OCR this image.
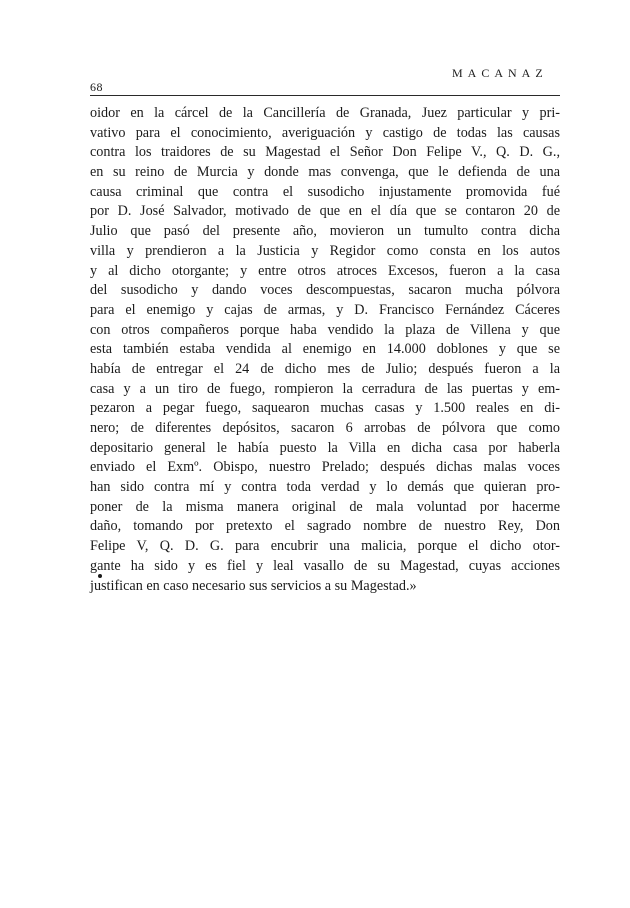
68
MACANAZ
oidor en la cárcel de la Cancillería de Granada, Juez particular y pri-
vativo para el conocimiento, averiguación y castigo de todas las causas
contra los traidores de su Magestad el Señor Don Felipe V., Q. D. G.,
en su reino de Murcia y donde mas convenga, que le defienda de una
causa criminal que contra el susodicho injustamente promovida fué
por D. José Salvador, motivado de que en el día que se contaron 20 de
Julio que pasó del presente año, movieron un tumulto contra dicha
villa y prendieron a la Justicia y Regidor como consta en los autos
y al dicho otorgante; y entre otros atroces Excesos, fueron a la casa
del susodicho y dando voces descompuestas, sacaron mucha pólvora
para el enemigo y cajas de armas, y D. Francisco Fernández Cáceres
con otros compañeros porque haba vendido la plaza de Villena y que
esta también estaba vendida al enemigo en 14.000 doblones y que se
había de entregar el 24 de dicho mes de Julio; después fueron a la
casa y a un tiro de fuego, rompieron la cerradura de las puertas y em-
pezaron a pegar fuego, saquearon muchas casas y 1.500 reales en di-
nero; de diferentes depósitos, sacaron 6 arrobas de pólvora que como
depositario general le había puesto la Villa en dicha casa por haberla
enviado el Exmº. Obispo, nuestro Prelado; después dichas malas voces
han sido contra mí y contra toda verdad y lo demás que quieran pro-
poner de la misma manera original de mala voluntad por hacerme
daño, tomando por pretexto el sagrado nombre de nuestro Rey, Don
Felipe V, Q. D. G. para encubrir una malicia, porque el dicho otor-
gante ha sido y es fiel y leal vasallo de su Magestad, cuyas acciones
justifican en caso necesario sus servicios a su Magestad.»
